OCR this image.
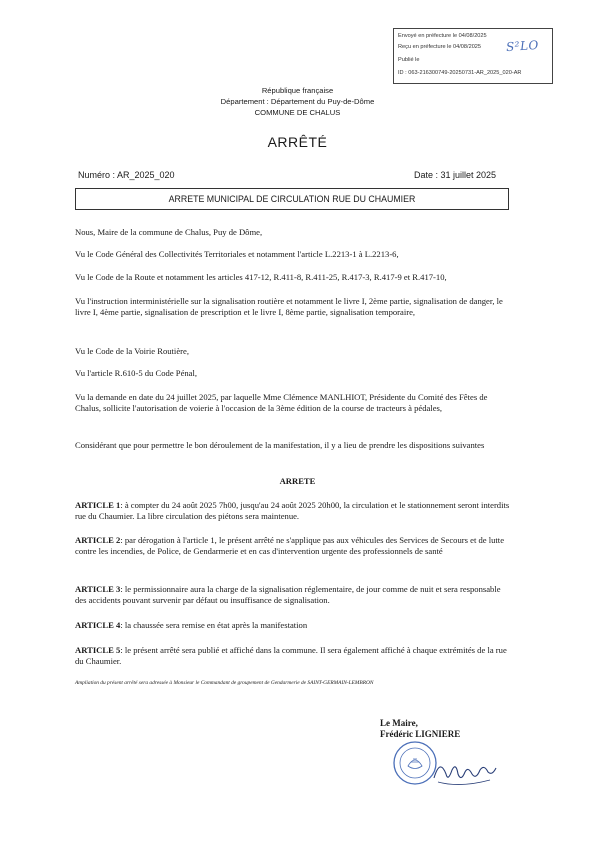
Envoyé en préfecture le 04/08/2025
Reçu en préfecture le 04/08/2025
Publié le
ID : 063-216300749-20250731-AR_2025_020-AR
S²LO
République française
Département : Département du Puy-de-Dôme
COMMUNE DE CHALUS
ARRÊTÉ
Numéro : AR_2025_020	Date : 31 juillet 2025
ARRETE MUNICIPAL DE CIRCULATION RUE DU CHAUMIER
Nous, Maire de la commune de Chalus, Puy de Dôme,
Vu le Code Général des Collectivités Territoriales et notamment l'article L.2213-1 à L.2213-6,
Vu le Code de la Route et notamment les articles 417-12, R.411-8, R.411-25, R.417-3, R.417-9 et R.417-10,
Vu l'instruction interministérielle sur la signalisation routière et notamment le livre I, 2ème partie, signalisation de danger, le livre I, 4ème partie, signalisation de prescription et le livre I, 8ème partie, signalisation temporaire,
Vu le Code de la Voirie Routière,
Vu l'article R.610-5 du Code Pénal,
Vu la demande en date du 24 juillet 2025, par laquelle Mme Clémence MANLHIOT, Présidente du Comité des Fêtes de Chalus, sollicite l'autorisation de voierie à l'occasion de la 3ème édition de la course de tracteurs à pédales,
Considérant que pour permettre le bon déroulement de la manifestation, il y a lieu de prendre les dispositions suivantes
ARRETE
ARTICLE 1: à compter du 24 août 2025 7h00, jusqu'au 24 août 2025 20h00, la circulation et le stationnement seront interdits rue du Chaumier. La libre circulation des piétons sera maintenue.
ARTICLE 2: par dérogation à l'article 1, le présent arrêté ne s'applique pas aux véhicules des Services de Secours et de lutte contre les incendies, de Police, de Gendarmerie et en cas d'intervention urgente des professionnels de santé
ARTICLE 3: le permissionnaire aura la charge de la signalisation réglementaire, de jour comme de nuit et sera responsable des accidents pouvant survenir par défaut ou insuffisance de signalisation.
ARTICLE 4: la chaussée sera remise en état après la manifestation
ARTICLE 5: le présent arrêté sera publié et affiché dans la commune. Il sera également affiché à chaque extrémités de la rue du Chaumier.
Ampliation du présent arrêté sera adressée à Monsieur le Commandant de groupement de Gendarmerie de SAINT-GERMAIN-LEMBRON
Le Maire,
Frédéric LIGNIERE
